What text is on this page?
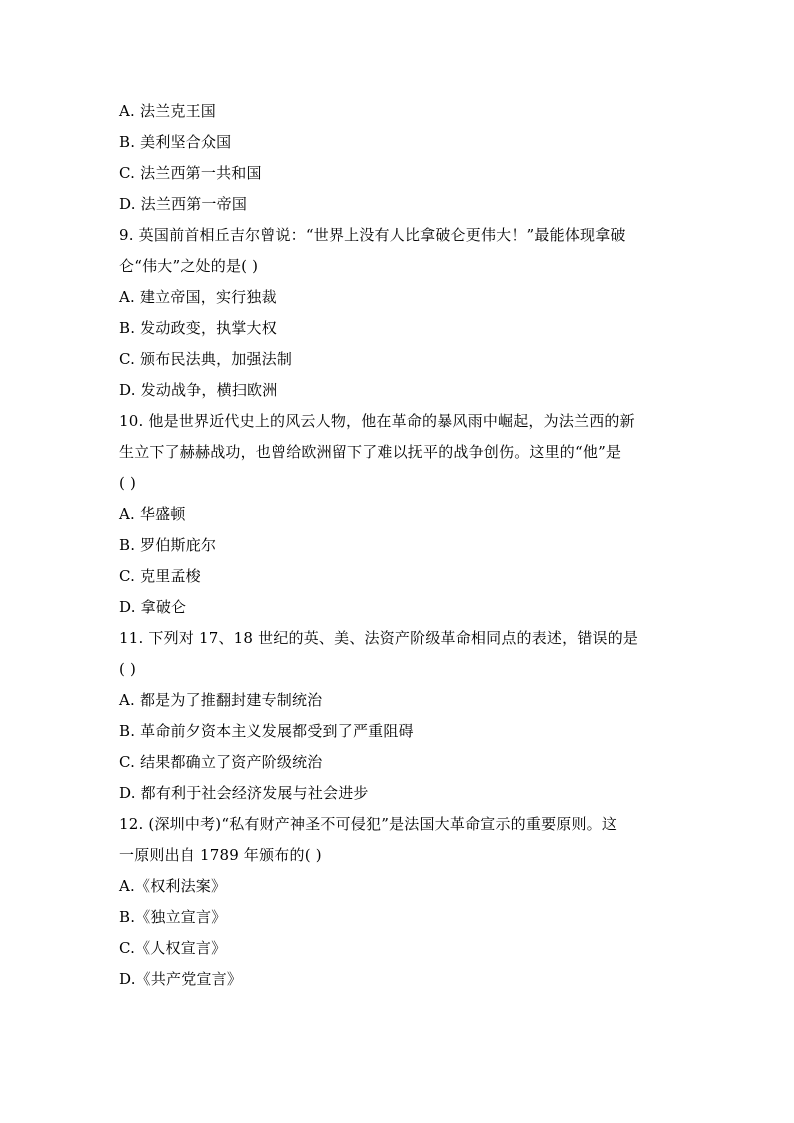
A. 法兰克王国
B. 美利坚合众国
C. 法兰西第一共和国
D. 法兰西第一帝国
9. 英国前首相丘吉尔曾说：“世界上没有人比拿破仑更伟大！”最能体现拿破
仑“伟大”之处的是( )
A. 建立帝国，实行独裁
B. 发动政变，执掌大权
C. 颁布民法典，加强法制
D. 发动战争，横扫欧洲
10. 他是世界近代史上的风云人物，他在革命的暴风雨中崛起，为法兰西的新
生立下了赫赫战功，也曾给欧洲留下了难以抚平的战争创伤。这里的“他”是
( )
A. 华盛顿
B. 罗伯斯庇尔
C. 克里孟梭
D. 拿破仑
11. 下列对 17、18 世纪的英、美、法资产阶级革命相同点的表述，错误的是
( )
A. 都是为了推翻封建专制统治
B. 革命前夕资本主义发展都受到了严重阻碍
C. 结果都确立了资产阶级统治
D. 都有利于社会经济发展与社会进步
12. (深圳中考)“私有财产神圣不可侵犯”是法国大革命宣示的重要原则。这
一原则出自 1789 年颁布的( )
A.《权利法案》
B.《独立宣言》
C.《人权宣言》
D.《共产党宣言》
